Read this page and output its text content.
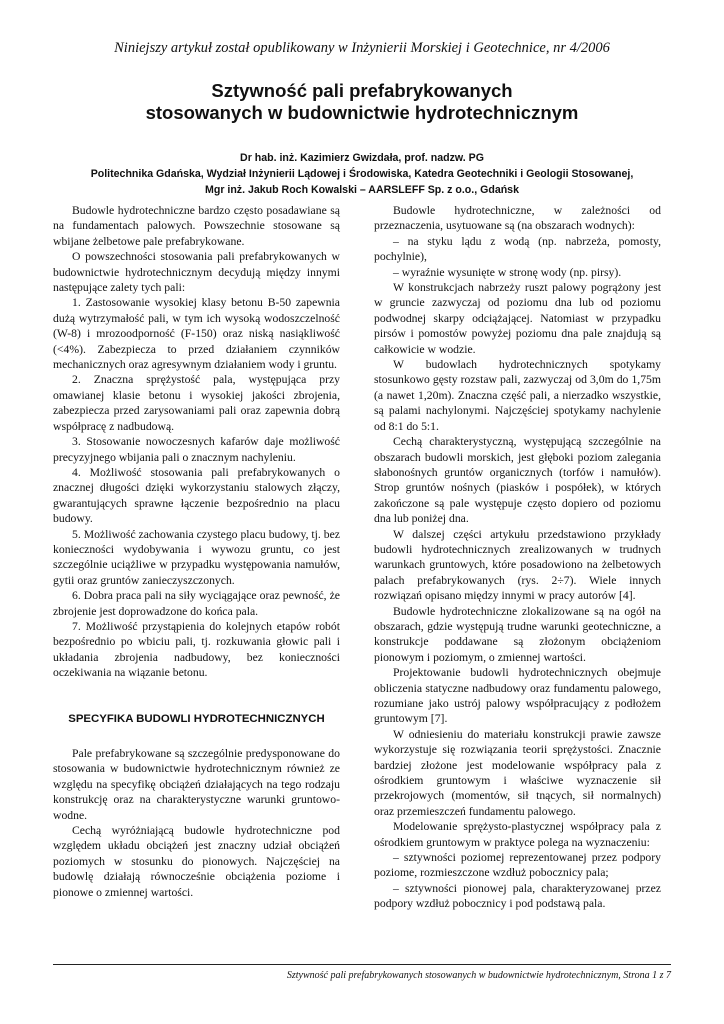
Niniejszy artykuł został opublikowany w Inżynierii Morskiej i Geotechnice, nr 4/2006
Sztywność pali prefabrykowanych
stosowanych w budownictwie hydrotechnicznym
Dr hab. inż. Kazimierz Gwizdała, prof. nadzw. PG
Politechnika Gdańska, Wydział Inżynierii Lądowej i Środowiska, Katedra Geotechniki i Geologii Stosowanej,
Mgr inż. Jakub Roch Kowalski – AARSLEFF Sp. z o.o., Gdańsk

Budowle hydrotechniczne bardzo często posadawiane są na fundamentach palowych. Powszechnie stosowane są wbijane żelbetowe pale prefabrykowane.

O powszechności stosowania pali prefabrykowanych w budownictwie hydrotechnicznym decydują między innymi następujące zalety tych pali:

1. Zastosowanie wysokiej klasy betonu B-50 zapewnia dużą wytrzymałość pali, w tym ich wysoką wodoszczelność (W-8) i mrozoodporność (F-150) oraz niską nasiąkliwość (<4%). Zabezpiecza to przed działaniem czynników mechanicznych oraz agresywnym działaniem wody i gruntu.

2. Znaczna sprężystość pala, występująca przy omawianej klasie betonu i wysokiej jakości zbrojenia, zabezpiecza przed zarysowaniami pali oraz zapewnia dobrą współpracę z nadbudową.

3. Stosowanie nowoczesnych kafarów daje możliwość precyzyjnego wbijania pali o znacznym nachyleniu.

4. Możliwość stosowania pali prefabrykowanych o znacznej długości dzięki wykorzystaniu stalowych złączy, gwarantujących sprawne łączenie bezpośrednio na placu budowy.

5. Możliwość zachowania czystego placu budowy, tj. bez konieczności wydobywania i wywozu gruntu, co jest szczególnie uciążliwe w przypadku występowania namułów, gytii oraz gruntów zanieczyszczonych.

6. Dobra praca pali na siły wyciągające oraz pewność, że zbrojenie jest doprowadzone do końca pala.

7. Możliwość przystąpienia do kolejnych etapów robót bezpośrednio po wbiciu pali, tj. rozkuwania głowic pali i układania zbrojenia nadbudowy, bez konieczności oczekiwania na wiązanie betonu.

SPECYFIKA BUDOWLI HYDROTECHNICZNYCH

Pale prefabrykowane są szczególnie predysponowane do stosowania w budownictwie hydrotechnicznym również ze względu na specyfikę obciążeń działających na tego rodzaju konstrukcję oraz na charakterystyczne warunki gruntowo-wodne.

Cechą wyróżniającą budowle hydrotechniczne pod względem układu obciążeń jest znaczny udział obciążeń poziomych w stosunku do pionowych. Najczęściej na budowlę działają równocześnie obciążenia poziome i pionowe o zmiennej wartości.

Budowle hydrotechniczne, w zależności od przeznaczenia, usytuowane są (na obszarach wodnych):

– na styku lądu z wodą (np. nabrzeża, pomosty, pochylnie),

– wyraźnie wysunięte w stronę wody (np. pirsy).

W konstrukcjach nabrzeży ruszt palowy pogrążony jest w gruncie zazwyczaj od poziomu dna lub od poziomu podwodnej skarpy odciążającej. Natomiast w przypadku pirsów i pomostów powyżej poziomu dna pale znajdują są całkowicie w wodzie.

W budowlach hydrotechnicznych spotykamy stosunkowo gęsty rozstaw pali, zazwyczaj od 3,0m do 1,75m (a nawet 1,20m). Znaczna część pali, a nierzadko wszystkie, są palami nachylonymi. Najczęściej spotykamy nachylenie od 8:1 do 5:1.

Cechą charakterystyczną, występującą szczególnie na obszarach budowli morskich, jest głęboki poziom zalegania słabonośnych gruntów organicznych (torfów i namułów). Strop gruntów nośnych (piasków i pospółek), w których zakończone są pale występuje często dopiero od poziomu dna lub poniżej dna.

W dalszej części artykułu przedstawiono przykłady budowli hydrotechnicznych zrealizowanych w trudnych warunkach gruntowych, które posadowiono na żelbetowych palach prefabrykowanych (rys. 2÷7). Wiele innych rozwiązań opisano między innymi w pracy autorów [4].

Budowle hydrotechniczne zlokalizowane są na ogół na obszarach, gdzie występują trudne warunki geotechniczne, a konstrukcje poddawane są złożonym obciążeniom pionowym i poziomym, o zmiennej wartości.

Projektowanie budowli hydrotechnicznych obejmuje obliczenia statyczne nadbudowy oraz fundamentu palowego, rozumiane jako ustrój palowy współpracujący z podłożem gruntowym [7].

W odniesieniu do materiału konstrukcji prawie zawsze wykorzystuje się rozwiązania teorii sprężystości. Znacznie bardziej złożone jest modelowanie współpracy pala z ośrodkiem gruntowym i właściwe wyznaczenie sił przekrojowych (momentów, sił tnących, sił normalnych) oraz przemieszczeń fundamentu palowego.

Modelowanie sprężysto-plastycznej współpracy pala z ośrodkiem gruntowym w praktyce polega na wyznaczeniu:

– sztywności poziomej reprezentowanej przez podpory poziome, rozmieszczone wzdłuż pobocznicy pala;

– sztywności pionowej pala, charakteryzowanej przez podpory wzdłuż pobocznicy i pod podstawą pala.

Sztywność pali prefabrykowanych stosowanych w budownictwie hydrotechnicznym, Strona 1 z 7
